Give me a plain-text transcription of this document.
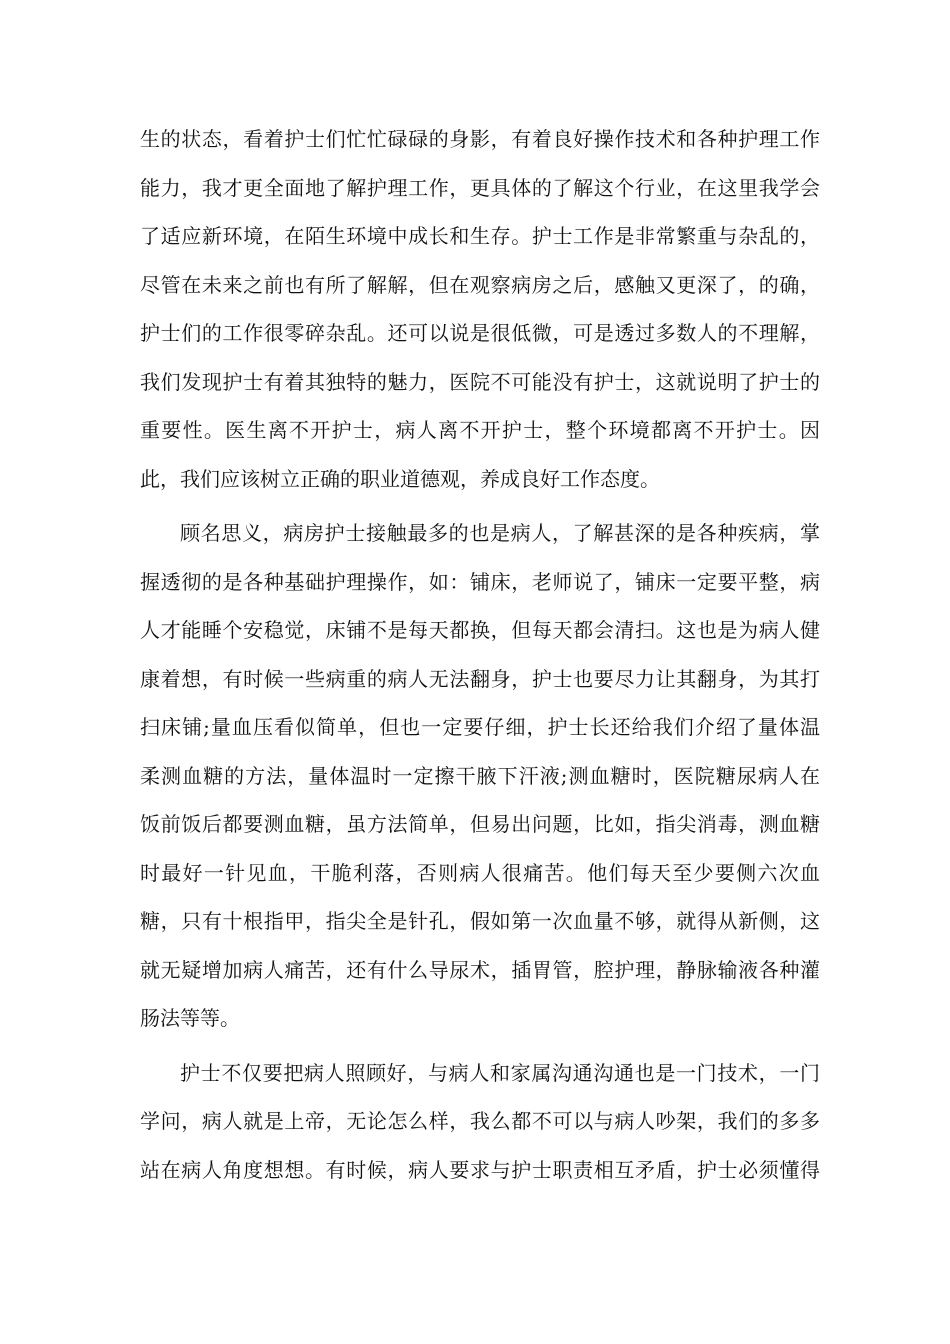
生的状态，看着护士们忙忙碌碌的身影，有着良好操作技术和各种护理工作
能力，我才更全面地了解护理工作，更具体的了解这个行业，在这里我学会
了适应新环境，在陌生环境中成长和生存。护士工作是非常繁重与杂乱的，
尽管在未来之前也有所了解解，但在观察病房之后，感触又更深了，的确，
护士们的工作很零碎杂乱。还可以说是很低微，可是透过多数人的不理解，
我们发现护士有着其独特的魅力，医院不可能没有护士，这就说明了护士的
重要性。医生离不开护士，病人离不开护士，整个环境都离不开护士。因
此，我们应该树立正确的职业道德观，养成良好工作态度。
顾名思义，病房护士接触最多的也是病人，了解甚深的是各种疾病，掌
握透彻的是各种基础护理操作，如：铺床，老师说了，铺床一定要平整，病
人才能睡个安稳觉，床铺不是每天都换，但每天都会清扫。这也是为病人健
康着想，有时候一些病重的病人无法翻身，护士也要尽力让其翻身，为其打
扫床铺;量血压看似简单，但也一定要仔细，护士长还给我们介绍了量体温
柔测血糖的方法，量体温时一定擦干腋下汗液;测血糖时，医院糖尿病人在
饭前饭后都要测血糖，虽方法简单，但易出问题，比如，指尖消毒，测血糖
时最好一针见血，干脆利落，否则病人很痛苦。他们每天至少要侧六次血
糖，只有十根指甲，指尖全是针孔，假如第一次血量不够，就得从新侧，这
就无疑增加病人痛苦，还有什么导尿术，插胃管，腔护理，静脉输液各种灌
肠法等等。
护士不仅要把病人照顾好，与病人和家属沟通沟通也是一门技术，一门
学问，病人就是上帝，无论怎么样，我么都不可以与病人吵架，我们的多多
站在病人角度想想。有时候，病人要求与护士职责相互矛盾，护士必须懂得
